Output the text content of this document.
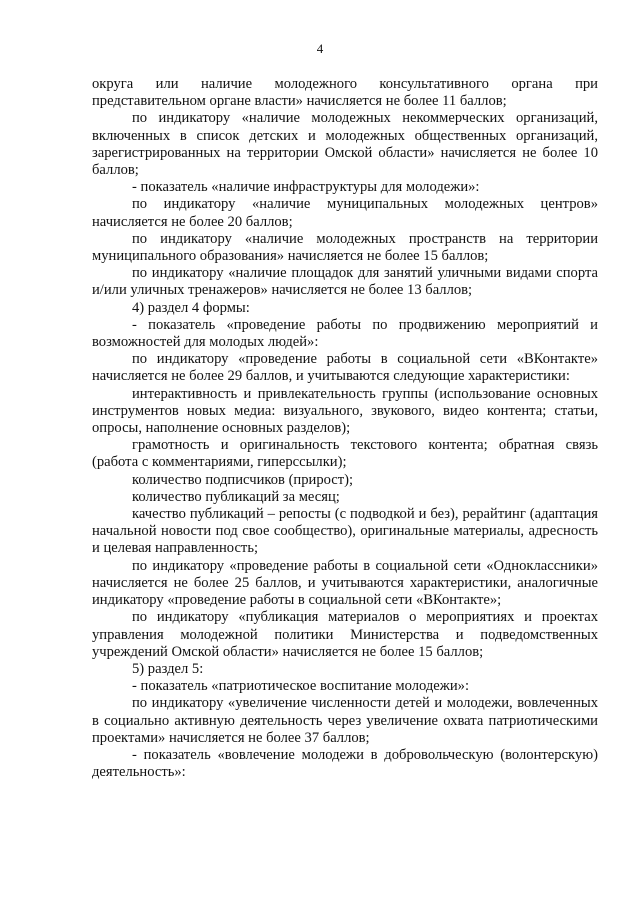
4

округа или наличие молодежного консультативного органа при представительном органе власти» начисляется не более 11 баллов;

по индикатору «наличие молодежных некоммерческих организаций, включенных в список детских и молодежных общественных организаций, зарегистрированных на территории Омской области» начисляется не более 10 баллов;

- показатель «наличие инфраструктуры для молодежи»:

по индикатору «наличие муниципальных молодежных центров» начисляется не более 20 баллов;

по индикатору «наличие молодежных пространств на территории муниципального образования» начисляется не более 15 баллов;

по индикатору «наличие площадок для занятий уличными видами спорта и/или уличных тренажеров» начисляется не более 13 баллов;

4) раздел 4 формы:

- показатель «проведение работы по продвижению мероприятий и возможностей для молодых людей»:

по индикатору «проведение работы в социальной сети «ВКонтакте» начисляется не более 29 баллов, и учитываются следующие характеристики:

интерактивность и привлекательность группы (использование основных инструментов новых медиа: визуального, звукового, видео контента; статьи, опросы, наполнение основных разделов);

грамотность и оригинальность текстового контента; обратная связь (работа с комментариями, гиперссылки);

количество подписчиков (прирост);

количество публикаций за месяц;

качество публикаций – репосты (с подводкой и без), рерайтинг (адаптация начальной новости под свое сообщество), оригинальные материалы, адресность и целевая направленность;

по индикатору «проведение работы в социальной сети «Одноклассники» начисляется не более 25 баллов, и учитываются характеристики, аналогичные индикатору «проведение работы в социальной сети «ВКонтакте»;

по индикатору «публикация материалов о мероприятиях и проектах управления молодежной политики Министерства и подведомственных учреждений Омской области» начисляется не более 15 баллов;

5) раздел 5:

- показатель «патриотическое воспитание молодежи»:

по индикатору «увеличение численности детей и молодежи, вовлеченных в социально активную деятельность через увеличение охвата патриотическими проектами» начисляется не более 37 баллов;

- показатель «вовлечение молодежи в добровольческую (волонтерскую) деятельность»:
